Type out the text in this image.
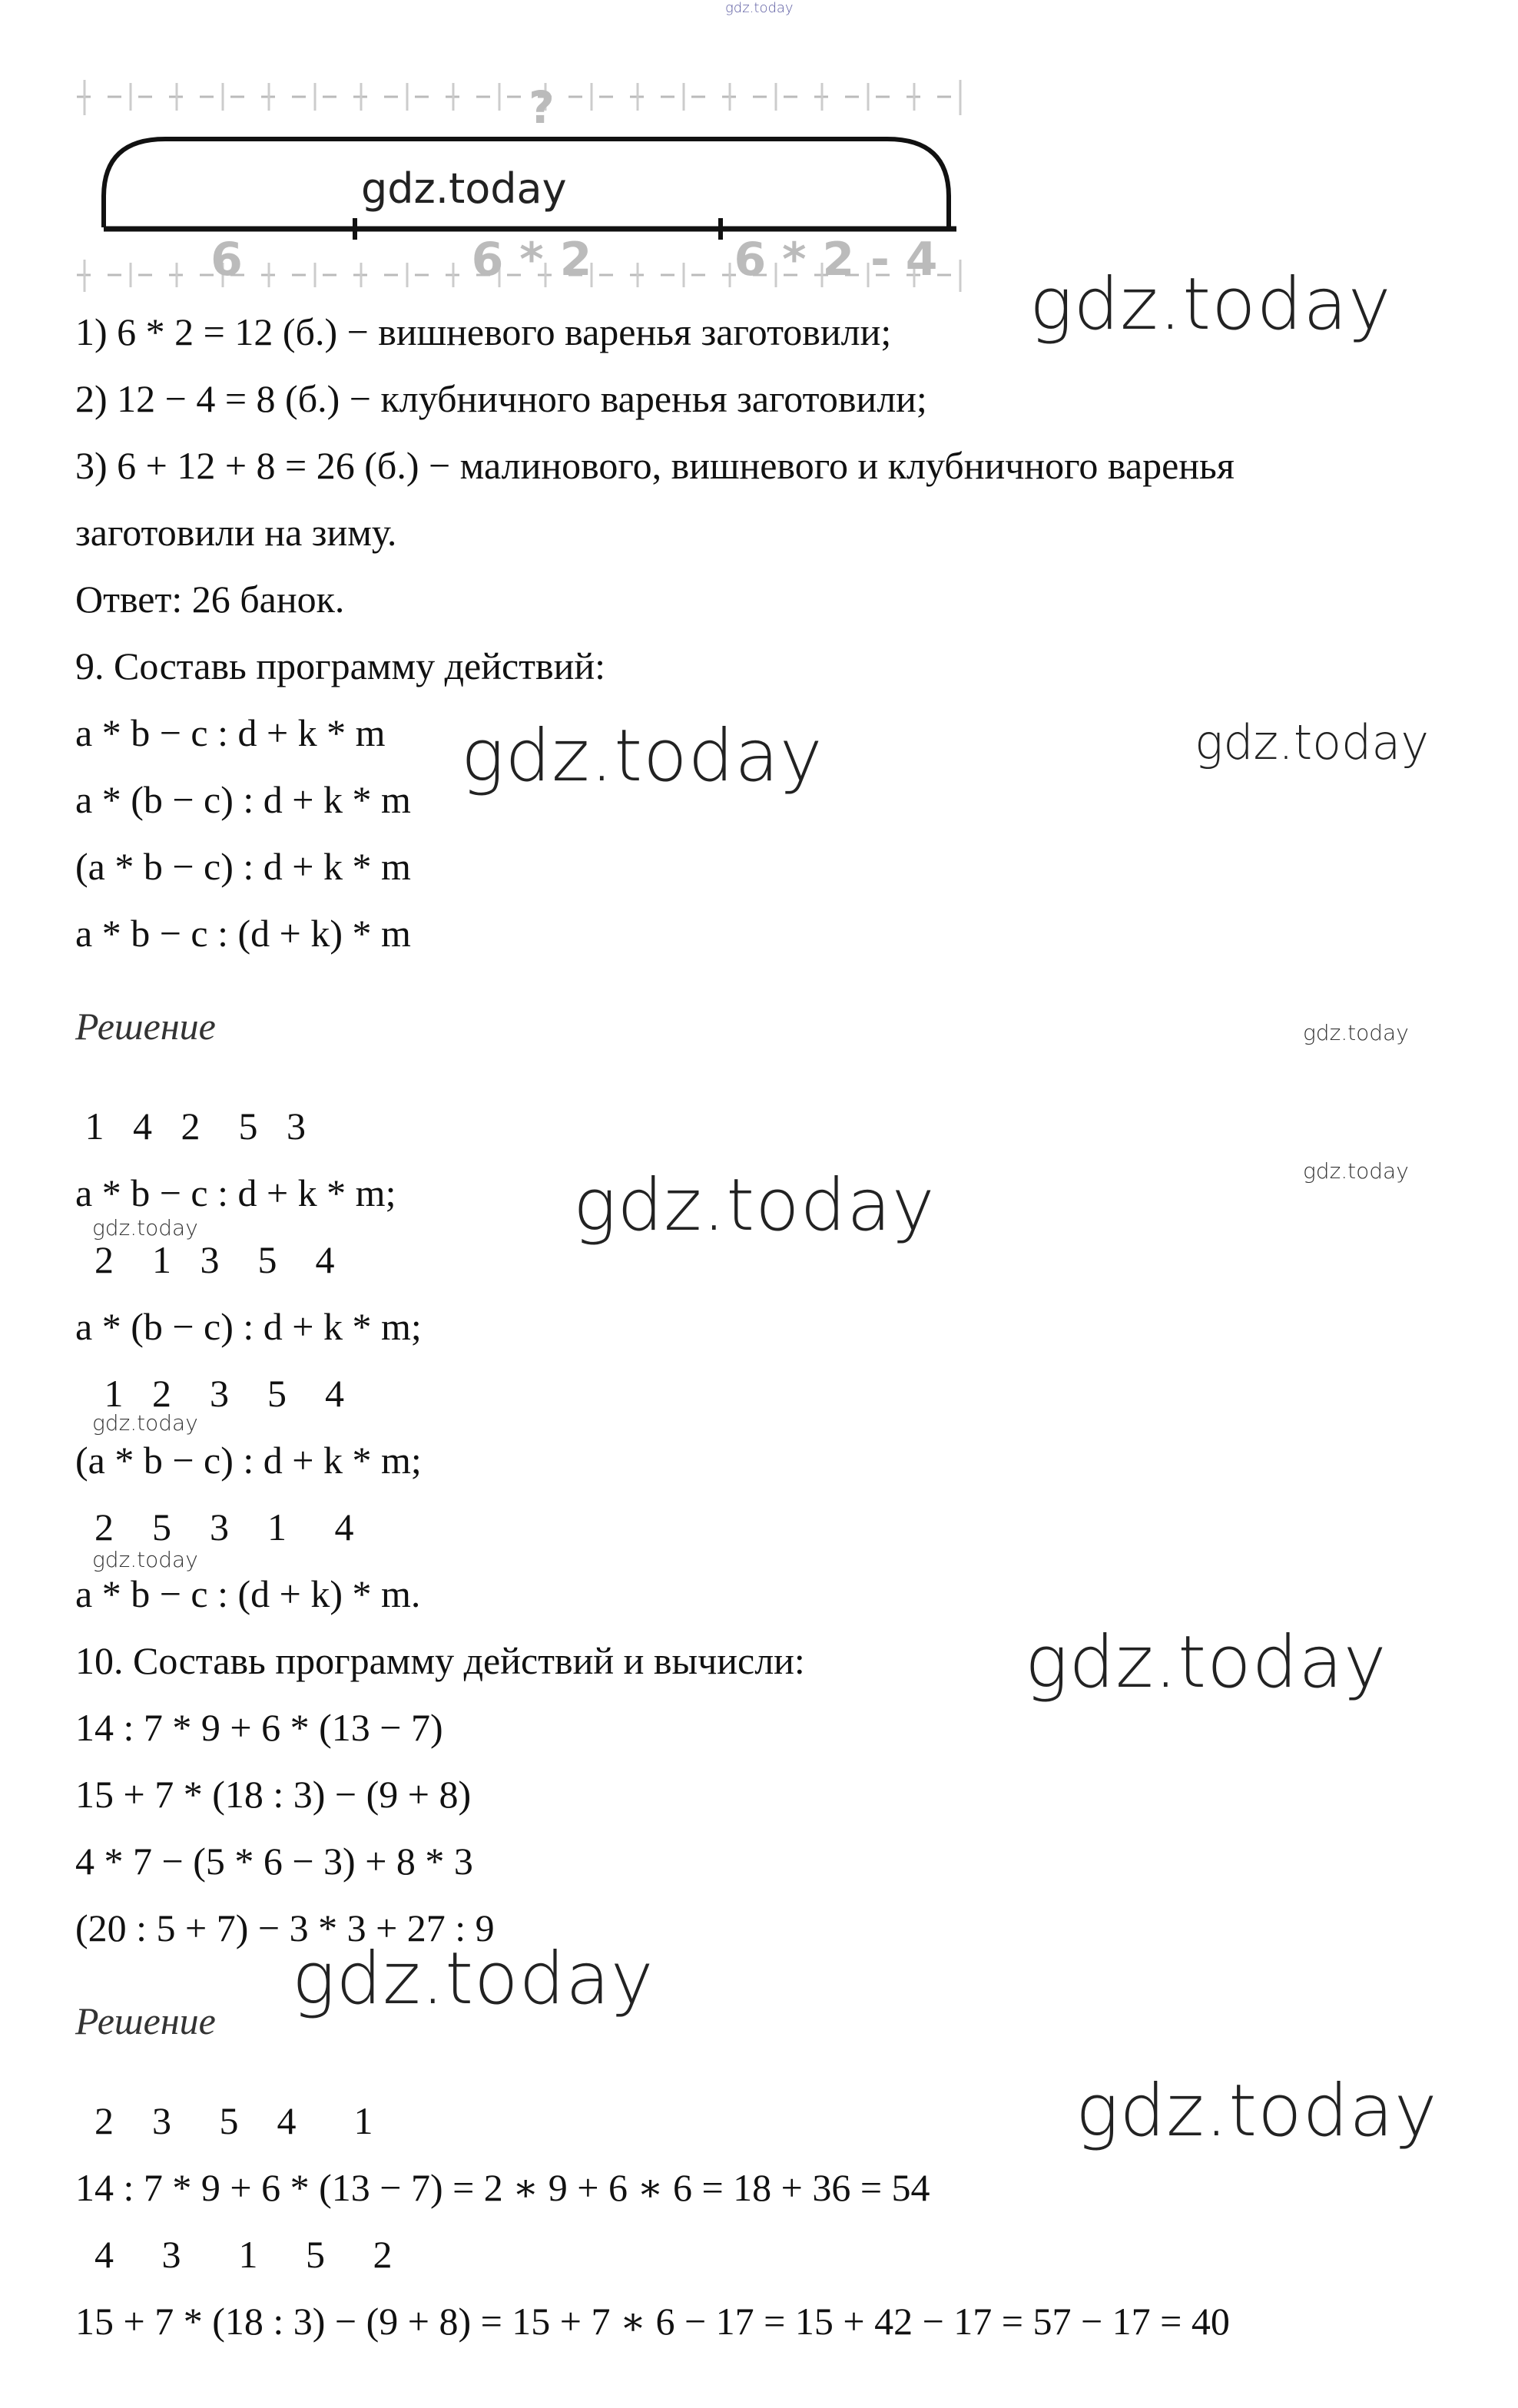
gdz.today
?
6	6 * 2	6 * 2 - 4
gdz.today

1) 6 * 2 = 12 (б.) − вишневого варенья заготовили;

2) 12 − 4 = 8 (б.) − клубничного варенья заготовили;

3) 6 + 12 + 8 = 26 (б.) − малинового, вишневого и клубничного варенья

заготовили на зиму.

Ответ: 26 банок.

9. Составь программу действий:

a * b − c : d + k * m

a * (b − c) : d + k * m

(a * b − c) : d + k * m

a * b − c : (d + k) * m

Решение

1   4   2    5   3

a * b − c : d + k * m;

2    1   3    5    4

a * (b − c) : d + k * m;

1   2    3    5    4

(a * b − c) : d + k * m;

2    5    3    1     4

a * b − c : (d + k) * m.

10. Составь программу действий и вычисли:

14 : 7 * 9 + 6 * (13 − 7)

15 + 7 * (18 : 3) − (9 + 8)

4 * 7 − (5 * 6 − 3) + 8 * 3

(20 : 5 + 7) − 3 * 3 + 27 : 9

Решение

2    3     5    4      1

14 : 7 * 9 + 6 * (13 − 7) = 2 ∗ 9 + 6 ∗ 6 = 18 + 36 = 54

4     3      1     5     2

15 + 7 * (18 : 3) − (9 + 8) = 15 + 7 ∗ 6 − 17 = 15 + 42 − 17 = 57 − 17 = 40

gdz.today
gdz.today	gdz.today
gdz.today
gdz.today	gdz.today
gdz.today
gdz.today
gdz.today
gdz.today
gdz.today
gdz.today
